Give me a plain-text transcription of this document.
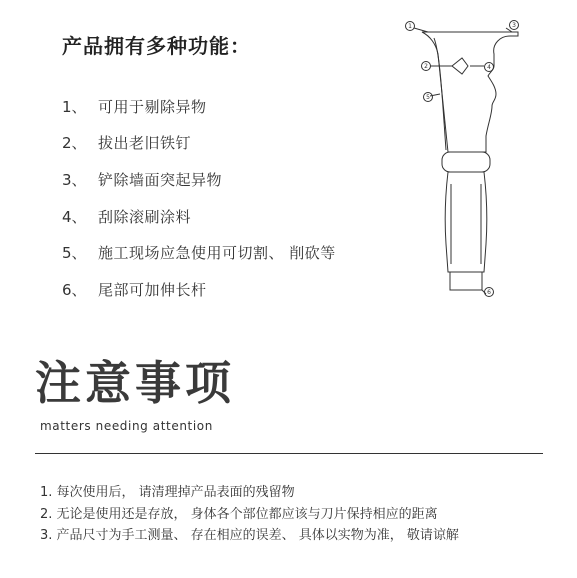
产品拥有多种功能：
1、 可用于剔除异物
2、 拔出老旧铁钉
3、 铲除墙面突起异物
4、 刮除滚刷涂料
5、 施工现场应急使用可切割、 削砍等
6、 尾部可加伸长杆
1
2
3
4
5
6
注意事项
matters needing attention
1. 每次使用后， 请清理掉产品表面的残留物
2. 无论是使用还是存放， 身体各个部位都应该与刀片保持相应的距离
3. 产品尺寸为手工测量、 存在相应的误差、 具体以实物为准， 敬请谅解
